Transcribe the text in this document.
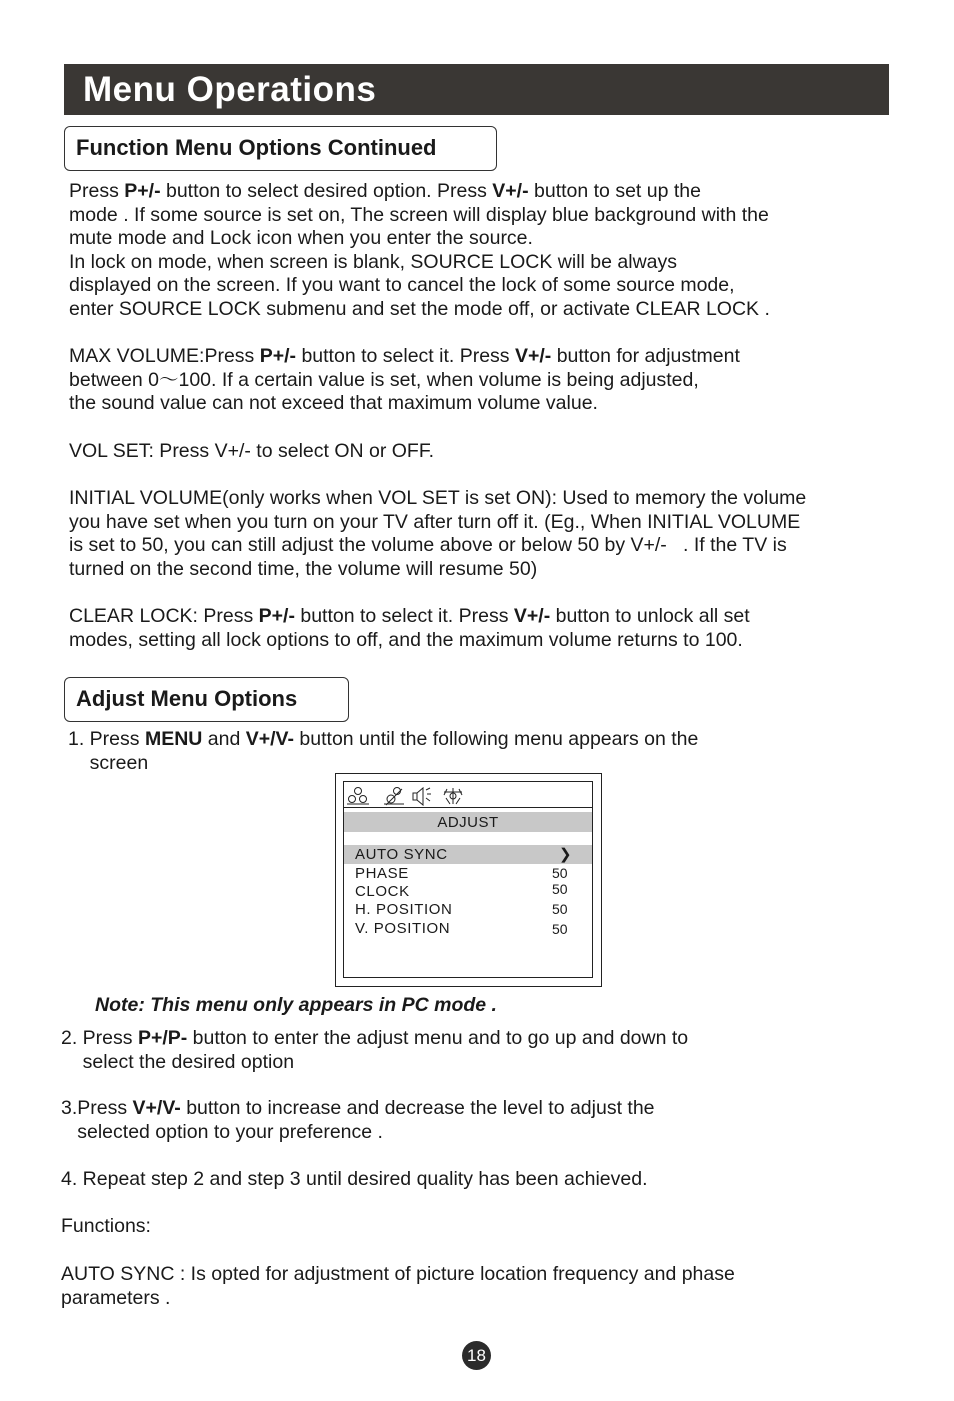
Menu Operations
Function Menu Options Continued
Press P+/- button to select desired option. Press V+/- button to set up the
mode . If some source is set on, The screen will display blue background with the
mute mode and Lock icon when you enter the source.
In lock on mode, when screen is blank, SOURCE LOCK will be always
displayed on the screen. If you want to cancel the lock of some source mode,
enter SOURCE LOCK submenu and set the mode off, or activate CLEAR LOCK .
MAX VOLUME:Press P+/- button to select it. Press V+/- button for adjustment
between 0～100. If a certain value is set, when volume is being adjusted,
the sound value can not exceed that maximum volume value.
VOL SET: Press V+/- to select ON or OFF.
INITIAL VOLUME(only works when VOL SET is set ON): Used to memory the volume
you have set when you turn on your TV after turn off it. (Eg., When INITIAL VOLUME
is set to 50, you can still adjust the volume above or below 50 by V+/-   . If the TV is
turned on the second time, the volume will resume 50)
CLEAR LOCK: Press P+/- button to select it. Press V+/- button to unlock all set
modes, setting all lock options to off, and the maximum volume returns to 100.
Adjust Menu Options
1. Press MENU and V+/V- button until the following menu appears on the
screen
ADJUST
AUTO SYNC	❯
PHASE
CLOCK
H. POSITION
V. POSITION
50
50
50
50
Note: This menu only appears in PC mode .
2. Press P+/P- button to enter the adjust menu and to go up and down to
select the desired option
3.Press V+/V- button to increase and decrease the level to adjust the
selected option to your preference .
4. Repeat step 2 and step 3 until desired quality has been achieved.
Functions:
AUTO SYNC : Is opted for adjustment of picture location frequency and phase
parameters .
18
